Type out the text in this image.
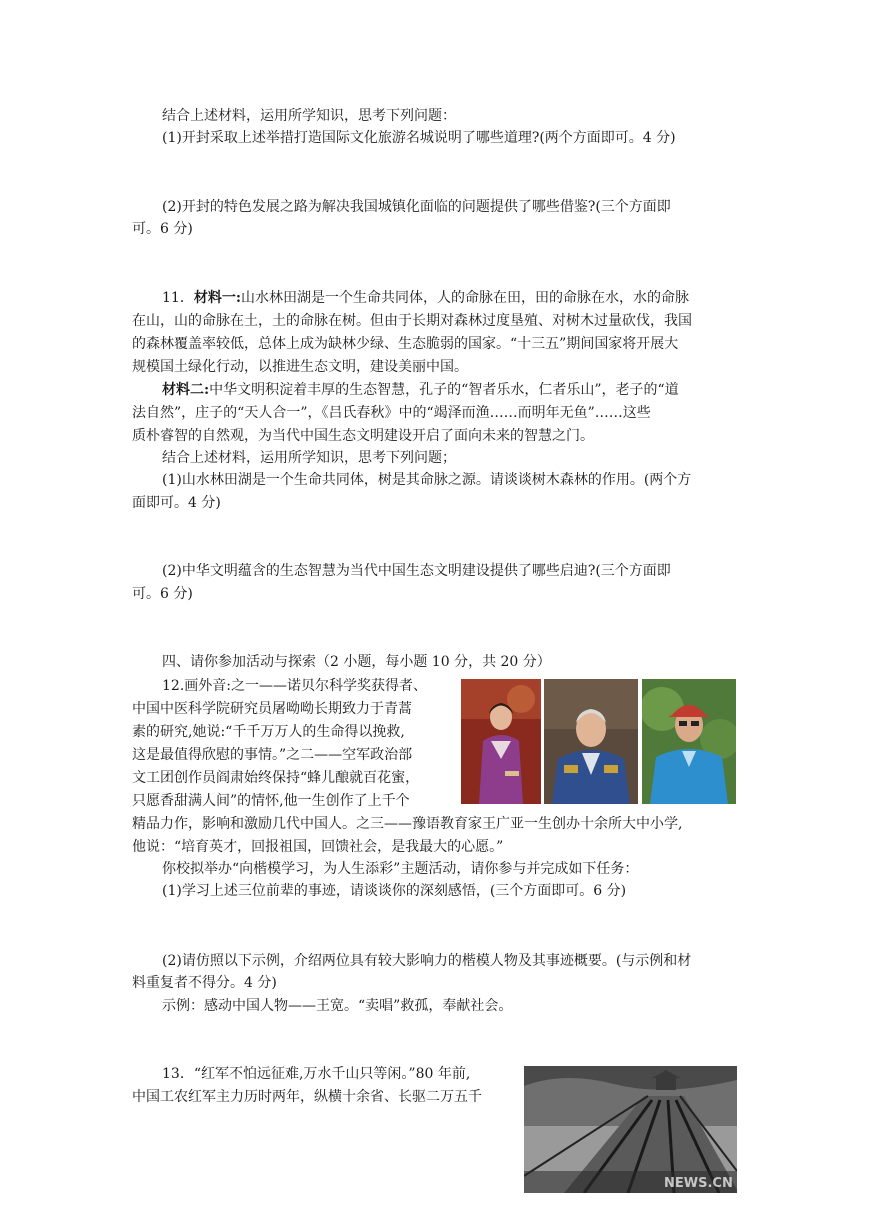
结合上述材料，运用所学知识，思考下列问题：
(1)开封采取上述举措打造国际文化旅游名城说明了哪些道理?(两个方面即可。4 分)
(2)开封的特色发展之路为解决我国城镇化面临的问题提供了哪些借鉴?(三个方面即
可。6 分)
11．材料一:山水林田湖是一个生命共同体，人的命脉在田，田的命脉在水，水的命脉
在山，山的命脉在土，土的命脉在树。但由于长期对森林过度垦殖、对树木过量砍伐，我国
的森林覆盖率较低，总体上成为缺林少绿、生态脆弱的国家。“十三五”期间国家将开展大
规模国土绿化行动，以推进生态文明，建设美丽中国。
材料二:中华文明积淀着丰厚的生态智慧，孔子的“智者乐水，仁者乐山”，老子的“道
法自然”，庄子的“天人合一”，《吕氏春秋》中的“竭泽而渔……而明年无鱼”……这些
质朴睿智的自然观，为当代中国生态文明建设开启了面向未来的智慧之门。
结合上述材料，运用所学知识，思考下列问题；
(1)山水林田湖是一个生命共同体，树是其命脉之源。请谈谈树木森林的作用。(两个方
面即可。4 分)
(2)中华文明蕴含的生态智慧为当代中国生态文明建设提供了哪些启迪?(三个方面即
可。6 分)
四、请你参加活动与探索（2 小题，每小题 10 分，共 20 分）
12.画外音:之一——诺贝尔科学奖获得者、
中国中医科学院研究员屠呦呦长期致力于青蒿
素的研究,她说:“千千万万人的生命得以挽救,
这是最值得欣慰的事情。”之二——空军政治部
文工团创作员阎肃始终保持“蜂儿酿就百花蜜，
只愿香甜满人间”的情怀,他一生创作了上千个
精品力作，影响和激励几代中国人。之三——豫语教育家王广亚一生创办十余所大中小学,
他说：“培育英才，回报祖国，回馈社会，是我最大的心愿。”
你校拟举办“向楷模学习，为人生添彩”主题活动，请你参与并完成如下任务：
(1)学习上述三位前辈的事迹，请谈谈你的深刻感悟，(三个方面即可。6 分)
(2)请仿照以下示例，介绍两位具有较大影响力的楷模人物及其事迹概要。(与示例和材
料重复者不得分。4 分)
示例：感动中国人物——王宽。“卖唱”救孤，奉献社会。
13．“红军不怕远征难,万水千山只等闲。”80 年前,
中国工农红军主力历时两年，纵横十余省、长驱二万五千
NEWS.CN
